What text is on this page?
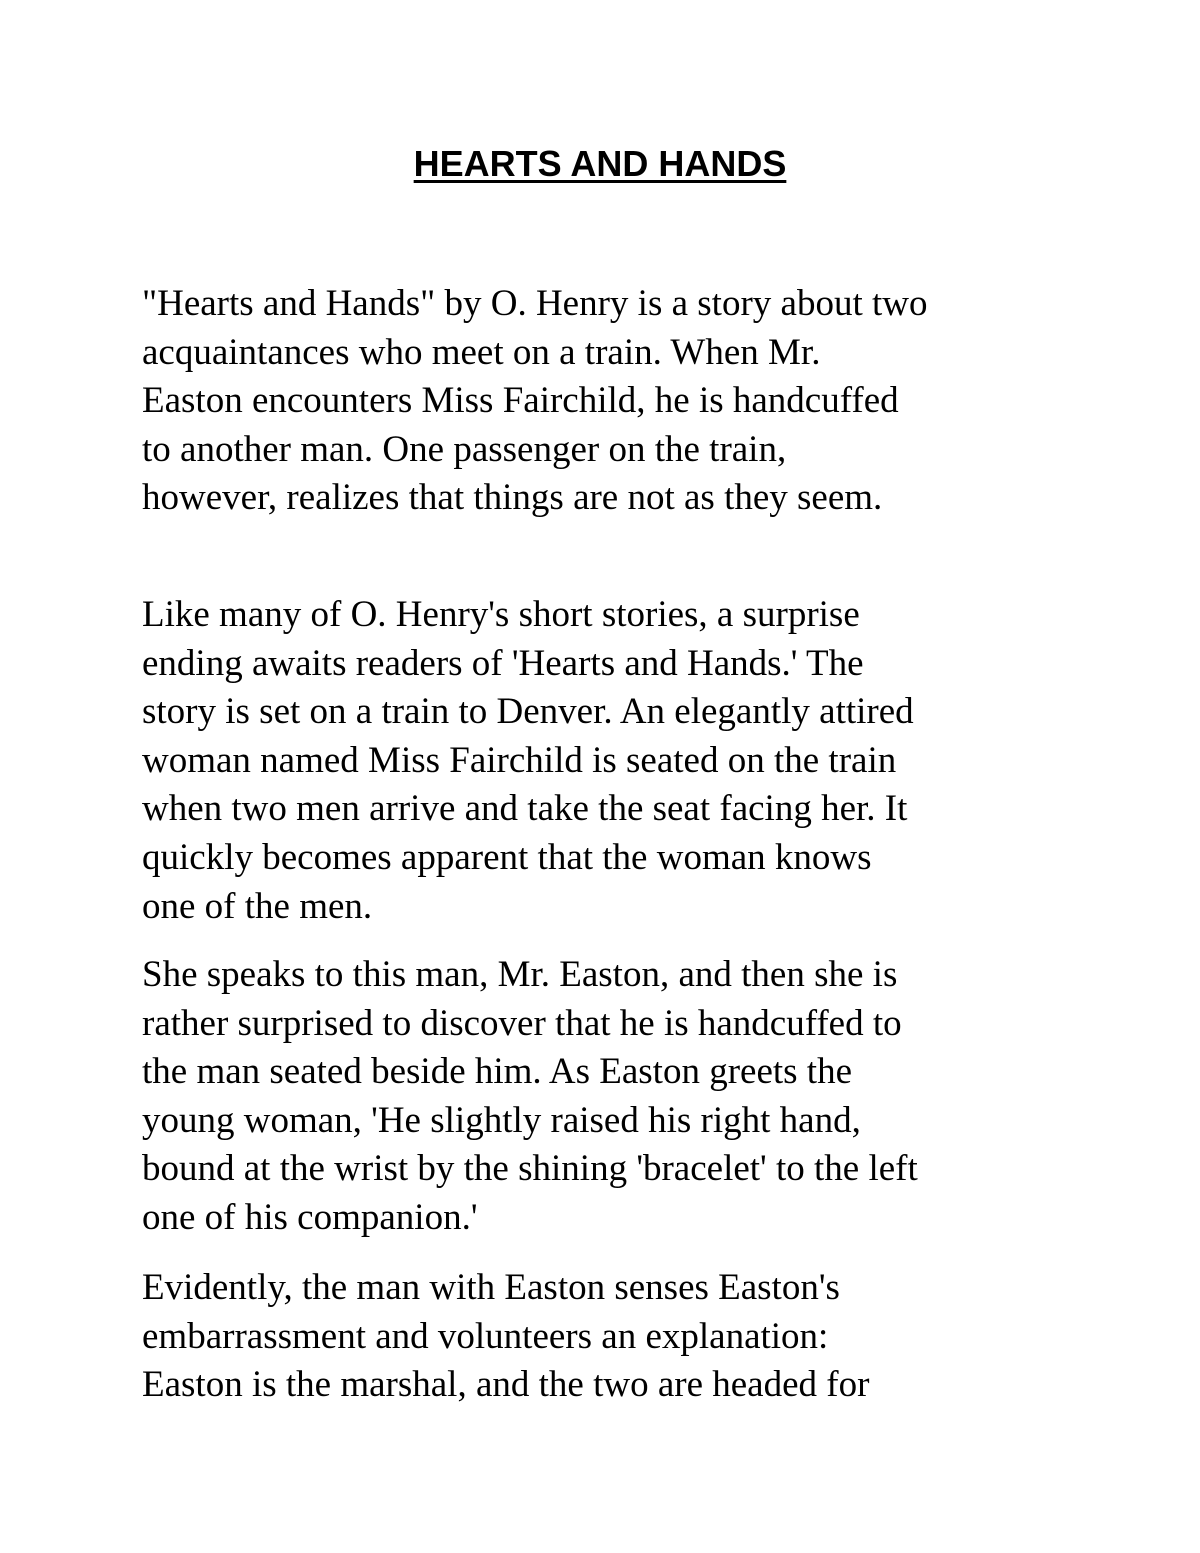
HEARTS AND HANDS

"Hearts and Hands" by O. Henry is a story about two
acquaintances who meet on a train. When Mr.
Easton encounters Miss Fairchild, he is handcuffed
to another man. One passenger on the train,
however, realizes that things are not as they seem.

Like many of O. Henry's short stories, a surprise
ending awaits readers of 'Hearts and Hands.' The
story is set on a train to Denver. An elegantly attired
woman named Miss Fairchild is seated on the train
when two men arrive and take the seat facing her. It
quickly becomes apparent that the woman knows
one of the men.

She speaks to this man, Mr. Easton, and then she is
rather surprised to discover that he is handcuffed to
the man seated beside him. As Easton greets the
young woman, 'He slightly raised his right hand,
bound at the wrist by the shining 'bracelet' to the left
one of his companion.'

Evidently, the man with Easton senses Easton's
embarrassment and volunteers an explanation:
Easton is the marshal, and the two are headed for
